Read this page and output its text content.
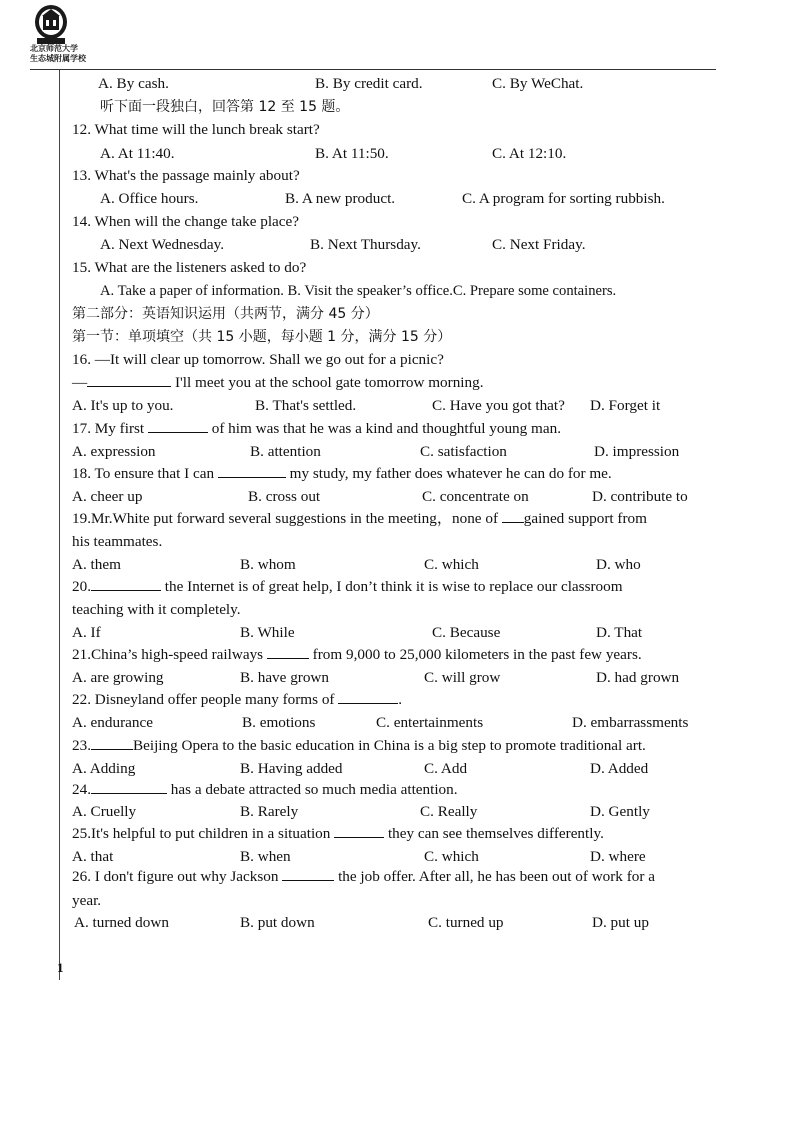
北京师范大学
生态城附属学校
A. By cash.	B. By credit card.	C. By WeChat.
听下面一段独白，回答第 12 至 15 题。
12. What time will the lunch break start?
A. At 11:40.	B. At 11:50.	C. At 12:10.
13. What's the passage mainly about?
A. Office hours.	B. A new product.	C. A program for sorting rubbish.
14. When will the change take place?
A. Next Wednesday.	B. Next Thursday.	C. Next Friday.
15. What are the listeners asked to do?
A. Take a paper of information. B. Visit the speaker’s office.C. Prepare some containers.
第二部分：英语知识运用（共两节，满分 45 分）
第一节：单项填空（共 15 小题，每小题 1 分，满分 15 分）
16. —It will clear up tomorrow. Shall we go out for a picnic?
—	I'll meet you at the school gate tomorrow morning.
A. It's up to you.	B. That's settled.	C. Have you got that? D. Forget it
17. My first	of him was that he was a kind and thoughtful young man.
A. expression	B. attention	C. satisfaction	D. impression
18. To ensure that I can	my study, my father does whatever he can do for me.
A. cheer up	B. cross out	C. concentrate on	D. contribute to
19.Mr.White put forward several suggestions in the meeting，none of gained support from
his teammates.
A. them	B. whom	C. which	D. who
20.	the Internet is of great help, I don’t think it is wise to replace our classroom
teaching with it completely.
A. If	B. While	C. Because	D. That
21.China’s high-speed railways	from 9,000 to 25,000 kilometers in the past few years.
A. are growing	B. have grown	C. will grow	D. had grown
22. Disneyland offer people many forms of	.
A. endurance	B. emotions	C. entertainments	D. embarrassments
23.	Beijing Opera to the basic education in China is a big step to promote traditional art.
A. Adding	B. Having added	C. Add	D. Added
24.	has a debate attracted so much media attention.
A. Cruelly	B. Rarely	C. Really	D. Gently
25.It's helpful to put children in a situation	they can see themselves differently.
A. that	B. when	C. which	D. where
26. I don't figure out why Jackson	the job offer. After all, he has been out of work for a
year.
A. turned down	B. put down	C. turned up	D. put up
1
